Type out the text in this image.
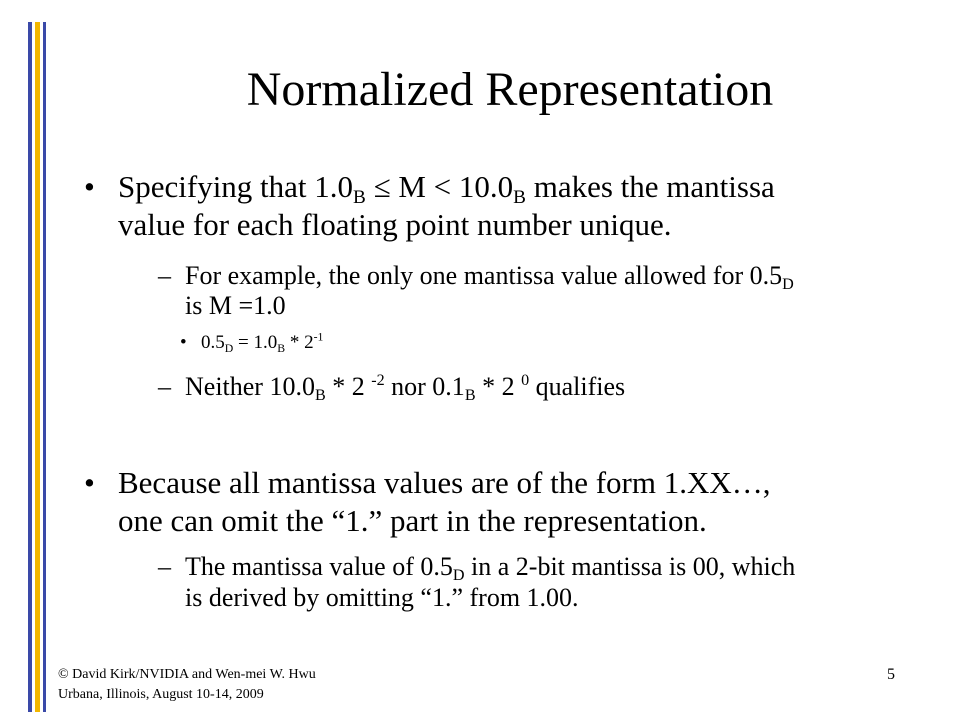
Normalized Representation
• Specifying that $1.0_B \le M < 10.0_B$ makes the mantissa
value for each floating point number unique.
– For example, the only one mantissa value allowed for $0.5_D$
is M =1.0
• $0.5_D = 1.0_B * 2^{-1}$
– Neither $10.0_B * 2$ $^{-2}$ nor $0.1_B * 2$ $^0$ qualifies
• Because all mantissa values are of the form 1.XX…,
one can omit the “1.” part in the representation.
– The mantissa value of $0.5_D$ in a 2-bit mantissa is 00, which
is derived by omitting “1.” from 1.00.
© David Kirk/NVIDIA and Wen-mei W. Hwu
Urbana, Illinois, August 10-14, 2009
5
